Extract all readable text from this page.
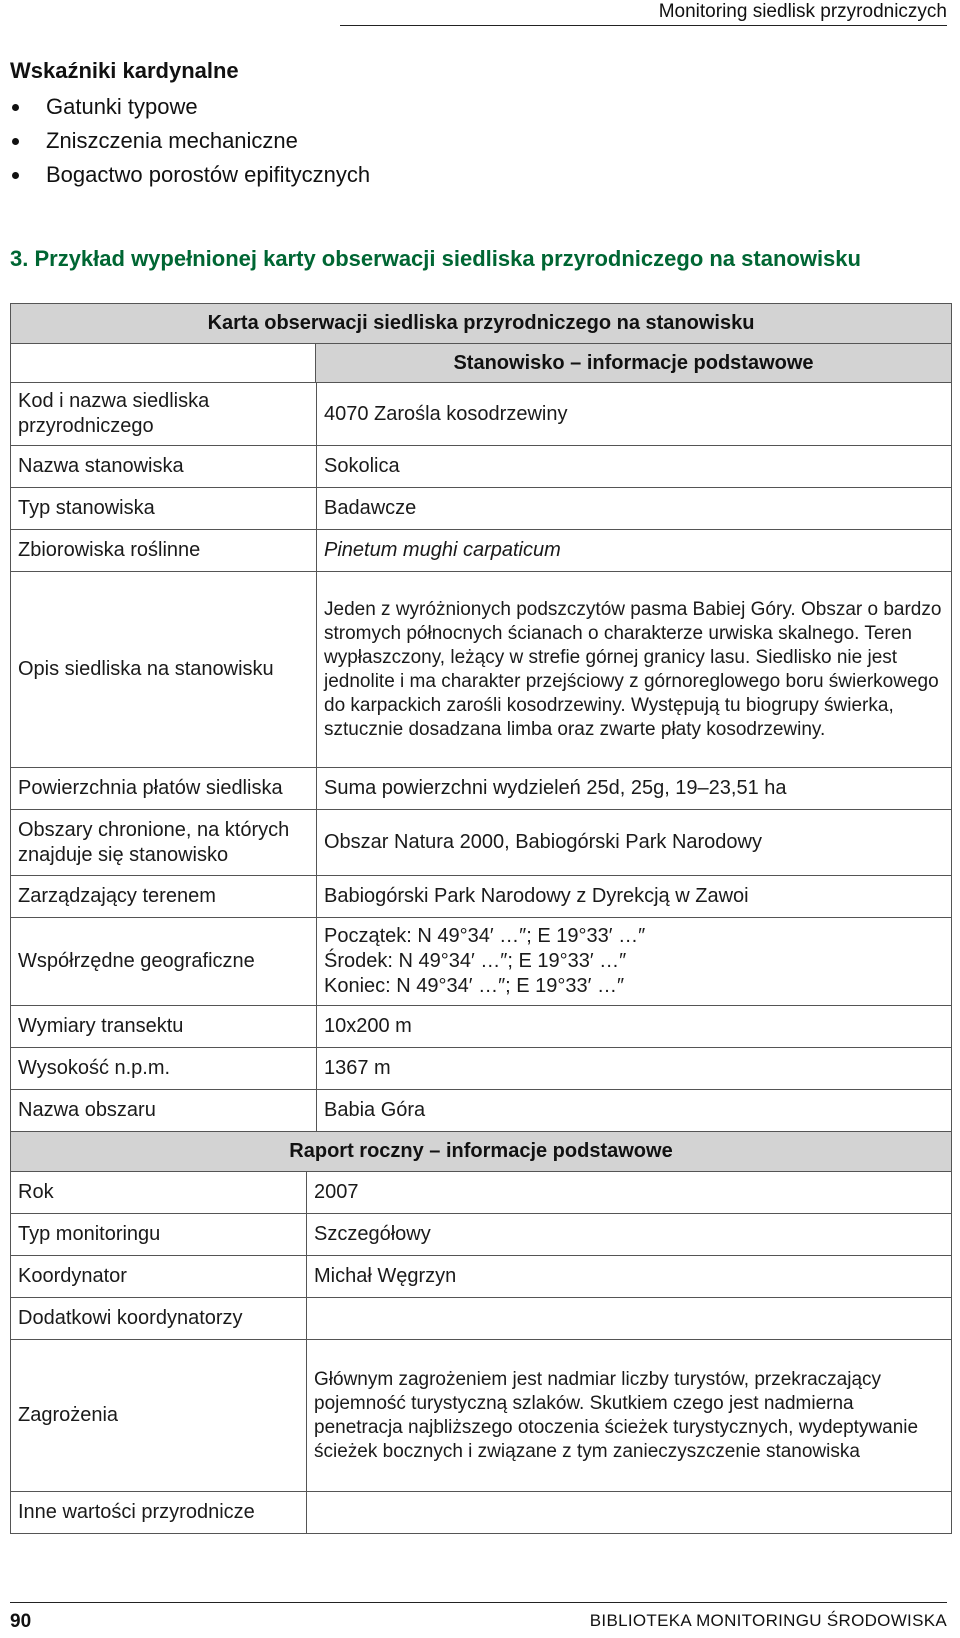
Monitoring siedlisk przyrodniczych
Wskaźniki kardynalne
Gatunki typowe
Zniszczenia mechaniczne
Bogactwo porostów epifitycznych
3. Przykład wypełnionej karty obserwacji siedliska przyrodniczego na stanowisku
Karta obserwacji siedliska przyrodniczego na stanowisku		

Stanowisko – informacje podstawowe		

Kod i nazwa siedliska przyrodniczego		4070 Zarośla kosodrzewiny
Nazwa stanowiska		Sokolica
Typ stanowiska		Badawcze
Zbiorowiska roślinne		Pinetum mughi carpaticum
Opis siedliska na stanowisku		Jeden z wyróżnionych podszczytów pasma Babiej Góry. Obszar o bardzo stromych północnych ścianach o charakterze urwiska skalnego. Teren wypłaszczony, leżący w strefie górnej granicy lasu. Siedlisko nie jest jednolite i ma charakter przejściowy z górnoreglowego boru świerkowego do karpackich zarośli kosodrzewiny. Występują tu biogrupy świerka, sztucznie dosadzana limba oraz zwarte płaty kosodrzewiny.
Powierzchnia płatów siedliska		Suma powierzchni wydzieleń 25d, 25g, 19–23,51 ha
Obszary chronione, na których znajduje się stanowisko		Obszar Natura 2000, Babiogórski Park Narodowy
Zarządzający terenem		Babiogórski Park Narodowy z Dyrekcją w Zawoi
Współrzędne geograficzne		Początek: N 49°34′ …″; E 19°33′ …″
Środek: N 49°34′ …″; E 19°33′ …″
Koniec: N 49°34′ …″; E 19°33′ …″

Wymiary transektu		10x200 m
Wysokość n.p.m.		1367 m
Nazwa obszaru		Babia Góra
Raport roczny – informacje podstawowe		
Rok	2007	
Typ monitoringu	Szczegółowy	
Koordynator	Michał Węgrzyn	
Dodatkowi koordynatorzy		
Zagrożenia	Głównym zagrożeniem jest nadmiar liczby turystów, przekraczający pojemność turystyczną szlaków. Skutkiem czego jest nadmierna penetracja najbliższego otoczenia ścieżek turystycznych, wydeptywanie ścieżek bocznych i związane z tym zanieczyszczenie stanowiska	
Inne wartości przyrodnicze		
90	BIBLIOTEKA MONITORINGU ŚRODOWISKA
